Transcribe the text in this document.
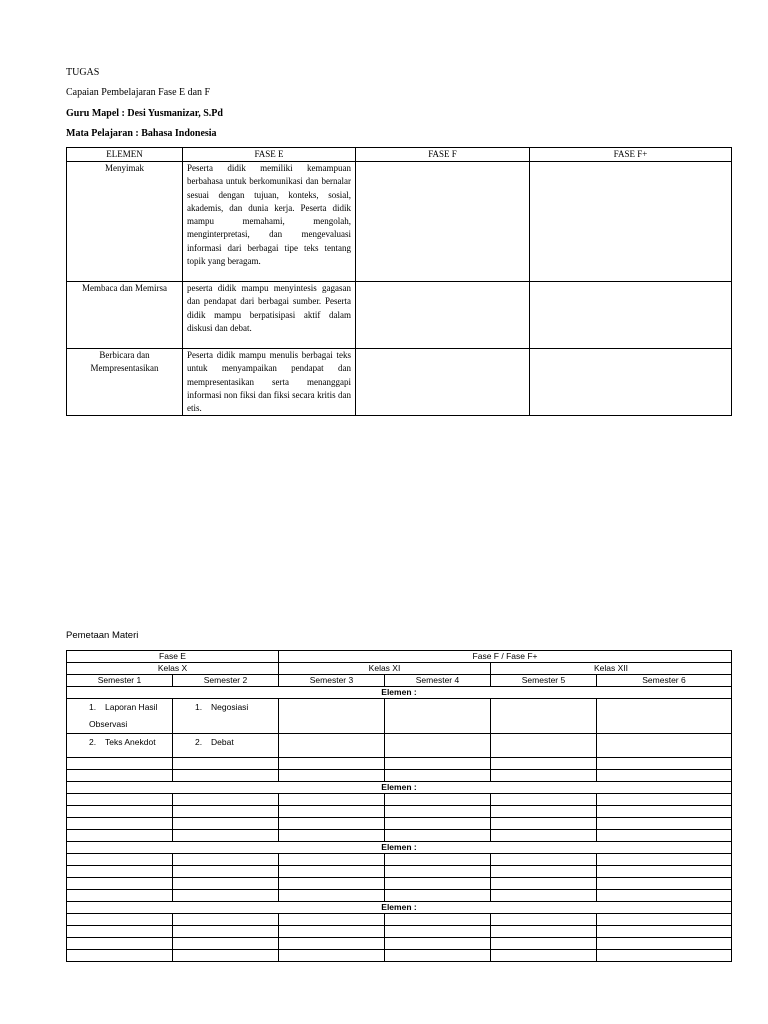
TUGAS
Capaian Pembelajaran Fase E dan F
Guru Mapel : Desi Yusmanizar, S.Pd
Mata Pelajaran : Bahasa Indonesia
ELEMEN	FASE E	FASE F	FASE F+
Menyimak	Peserta didik memiliki kemampuan berbahasa untuk berkomunikasi dan bernalar sesuai dengan tujuan, konteks, sosial, akademis, dan dunia kerja. Peserta didik mampu memahami, mengolah, menginterpretasi, dan mengevaluasi informasi dari berbagai tipe teks tentang topik yang beragam.		
Membaca dan Memirsa	peserta didik mampu menyintesis gagasan dan pendapat dari berbagai sumber. Peserta didik mampu berpatisipasi aktif dalam diskusi dan debat.		
Berbicara dan Mempresentasikan	Peserta didik mampu menulis berbagai teks untuk menyampaikan pendapat dan mempresentasikan serta menanggapi informasi non fiksi dan fiksi secara kritis dan etis.		
Pemetaan Materi
Fase E		Fase F / Fase F+			
Kelas X		Kelas XI		Kelas XII	
Semester 1	Semester 2	Semester 3	Semester 4	Semester 5	Semester 6
Elemen :					
1. Laporan Hasil Observasi	1. Negosiasi				
2. Teks Anekdot	2. Debat				

Elemen :					

Elemen :					

Elemen :					
